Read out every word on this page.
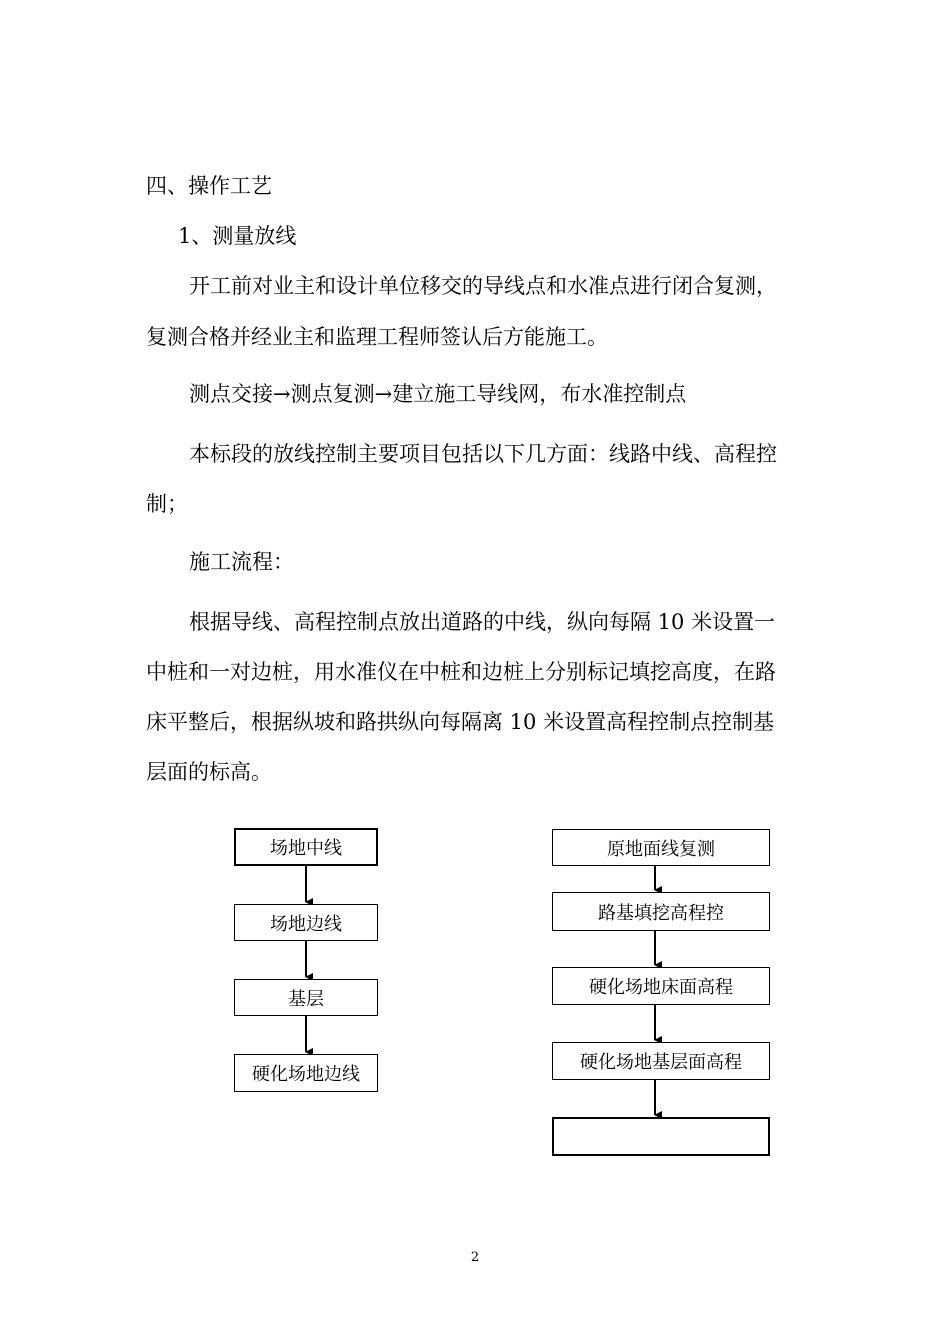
四、操作工艺
1、测量放线
开工前对业主和设计单位移交的导线点和水准点进行闭合复测，
复测合格并经业主和监理工程师签认后方能施工。
测点交接→测点复测→建立施工导线网，布水准控制点
本标段的放线控制主要项目包括以下几方面：线路中线、高程控
制；
施工流程：
根据导线、高程控制点放出道路的中线，纵向每隔 10 米设置一
中桩和一对边桩，用水准仪在中桩和边桩上分别标记填挖高度，在路
床平整后，根据纵坡和路拱纵向每隔离 10 米设置高程控制点控制基
层面的标高。
场地中线
场地边线
基层
硬化场地边线
原地面线复测
路基填挖高程控
硬化场地床面高程
硬化场地基层面高程
2
